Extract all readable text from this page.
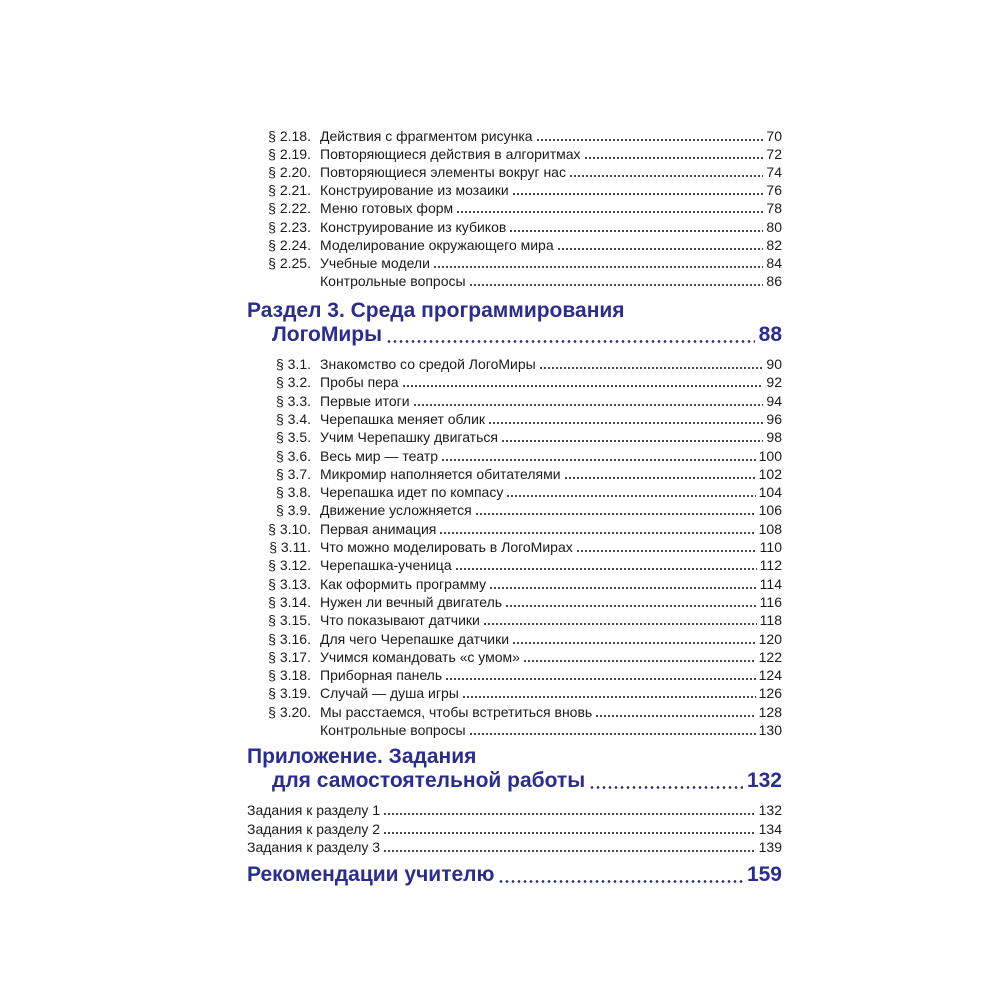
§ 2.18. Действия с фрагментом рисунка	70
§ 2.19. Повторяющиеся действия в алгоритмах	72
§ 2.20. Повторяющиеся элементы вокруг нас	74
§ 2.21. Конструирование из мозаики	76
§ 2.22. Меню готовых форм	78
§ 2.23. Конструирование из кубиков	80
§ 2.24. Моделирование окружающего мира	82
§ 2.25. Учебные модели	84
Контрольные вопросы	86
Раздел 3. Среда программирования
ЛогоМиры	88
§ 3.1. Знакомство со средой ЛогоМиры	90
§ 3.2. Пробы пера	92
§ 3.3. Первые итоги	94
§ 3.4. Черепашка меняет облик	96
§ 3.5. Учим Черепашку двигаться	98
§ 3.6. Весь мир — театр	100
§ 3.7. Микромир наполняется обитателями	102
§ 3.8. Черепашка идет по компасу	104
§ 3.9. Движение усложняется	106
§ 3.10. Первая анимация	108
§ 3.11. Что можно моделировать в ЛогоМирах	110
§ 3.12. Черепашка-ученица	112
§ 3.13. Как оформить программу	114
§ 3.14. Нужен ли вечный двигатель	116
§ 3.15. Что показывают датчики	118
§ 3.16. Для чего Черепашке датчики	120
§ 3.17. Учимся командовать «с умом»	122
§ 3.18. Приборная панель	124
§ 3.19. Случай — душа игры	126
§ 3.20. Мы расстаемся, чтобы встретиться вновь	128
Контрольные вопросы	130
Приложение. Задания
для самостоятельной работы	132
Задания к разделу 1	132
Задания к разделу 2	134
Задания к разделу 3	139
Рекомендации учителю	159
